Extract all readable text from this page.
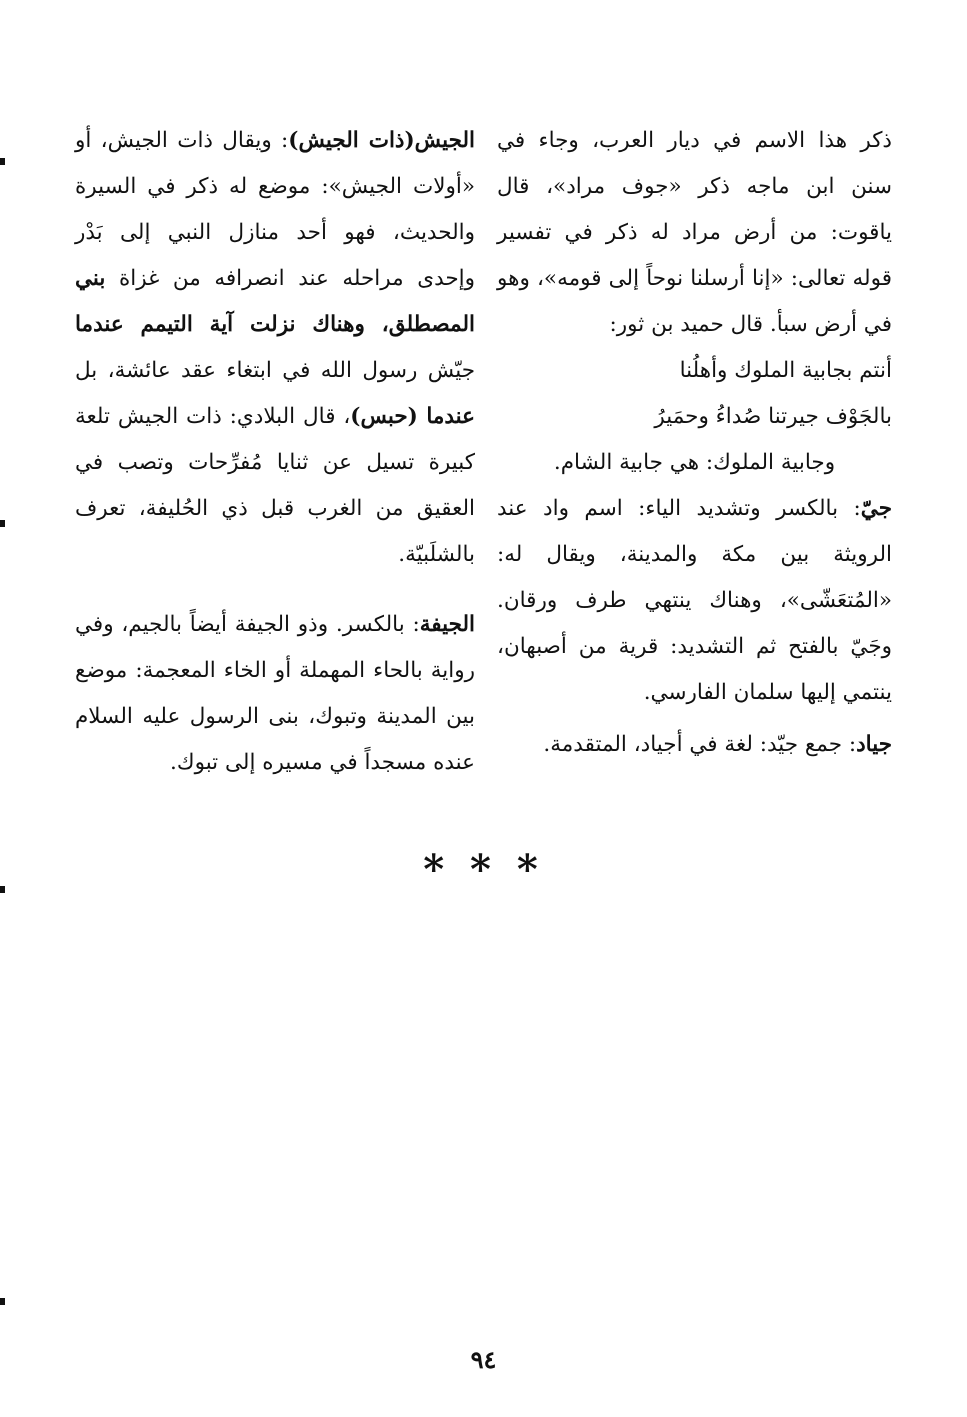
ذكر هذا الاسم في ديار العرب، وجاء في سنن ابن ماجه ذكر «جوف مراد»، قال ياقوت: من أرض مراد له ذكر في تفسير قوله تعالى: «إنا أرسلنا نوحاً إلى قومه»، وهو في أرض سبأ. قال حميد بن ثور:

أنتم بجابية الملوك وأهلُنا

بالجَوْف جيرتنا صُداءُ وحمَيرُ

وجابية الملوك: هي جابية الشام.

جيّ: بالكسر وتشديد الياء: اسم واد عند الرويثة بين مكة والمدينة، ويقال له: «المُتعَشّى»، وهناك ينتهي طرف ورقان. وجَيّ بالفتح ثم التشديد: قرية من أصبهان، ينتمي إليها سلمان الفارسي.

جياد: جمع جيّد: لغة في أجياد، المتقدمة.

الجيش(ذات الجيش): ويقال ذات الجيش، أو «أولات الجيش»: موضع له ذكر في السيرة والحديث، فهو أحد منازل النبي إلى بَدْر وإحدى مراحله عند انصرافه من غزاة بني المصطلق، وهناك نزلت آية التيمم عندما جيّش رسول الله في ابتغاء عقد عائشة، بل عندما (حبس)، قال البلادي: ذات الجيش تلعة كبيرة تسيل عن ثنايا مُفرِّحات وتصب في العقيق من الغرب قبل ذي الحُليفة، تعرف بالشلَبيّة.

الجيفة: بالكسر. وذو الجيفة أيضاً بالجيم، وفي رواية بالحاء المهملة أو الخاء المعجمة: موضع بين المدينة وتبوك، بنى الرسول عليه السلام عنده مسجداً في مسيره إلى تبوك.

* * *
٩٤
